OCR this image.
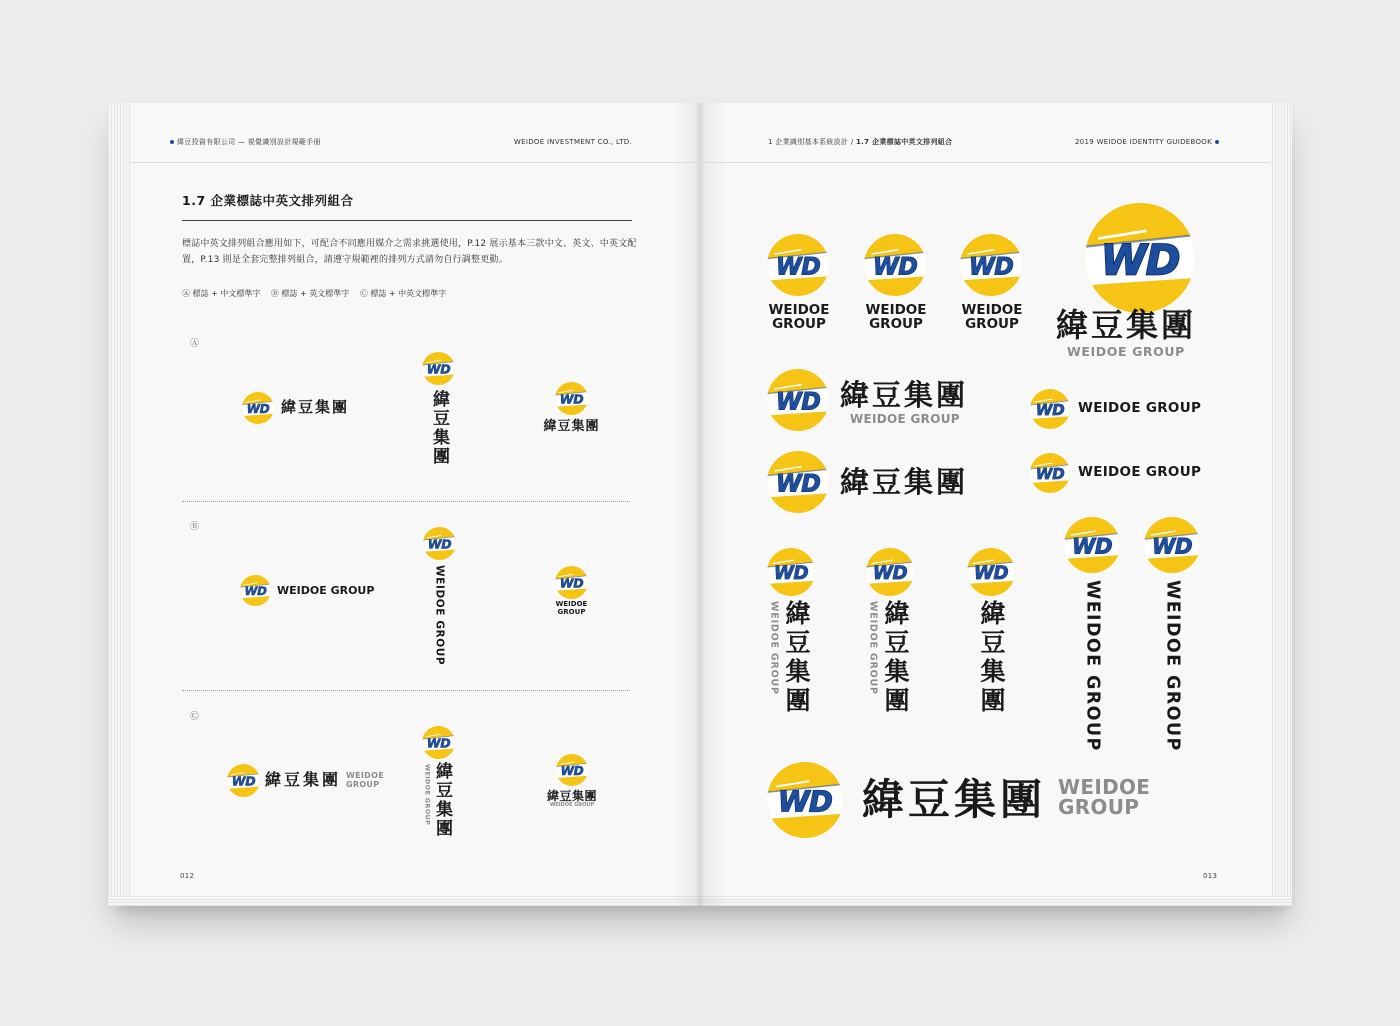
緯豆投資有限公司 — 視覺識別設計規範手冊	WEIDOE INVESTMENT CO., LTD.
1.7 企業標誌中英文排列組合
標誌中英文排列組合應用如下，可配合不同應用媒介之需求挑選使用，P.12 展示基本三款中文、英文、中英文配
置，P.13 則是全套完整排列組合，請遵守規範裡的排列方式請勿自行調整更動。
Ⓐ 標誌 + 中文標準字 Ⓑ 標誌 + 英文標準字 Ⓒ 標誌 + 中英文標準字
Ⓐ
緯豆集團	緯豆集團	緯豆集團
Ⓑ
WEIDOE GROUP	WEIDOE GROUP	WEIDOE
GROUP
Ⓒ
緯豆集團 WEIDOE
GROUP	緯豆集團
WEIDOE GROUP	緯豆集團
WEIDOE GROUP
012
1 企業識別基本系統設計 / 1.7 企業標誌中英文排列組合	2019 WEIDOE IDENTITY GUIDEBOOK
WEIDOE
GROUP
WEIDOE
GROUP
WEIDOE
GROUP	緯豆集團
WEIDOE GROUP
緯豆集團
WEIDOE GROUP
WEIDOE GROUP
緯豆集團	WEIDOE GROUP
緯豆集團
WEIDOE GROUP	緯豆集團
WEIDOE GROUP	緯豆集團	WEIDOE GROUP	WEIDOE GROUP
緯豆集團 WEIDOE
GROUP
013
